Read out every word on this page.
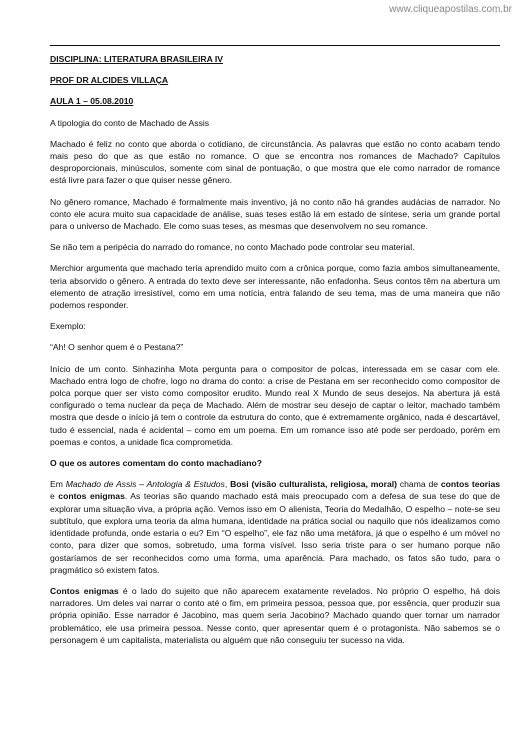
www.cliqueapostilas.com.br
DISCIPLINA: LITERATURA BRASILEIRA IV
PROF DR ALCIDES VILLAÇA
AULA 1 – 05.08.2010

A tipologia do conto de Machado de Assis

Machado é feliz no conto que aborda o cotidiano, de circunstância. As palavras que estão no conto acabam tendo mais peso do que as que estão no romance. O que se encontra nos romances de Machado? Capítulos desproporcionais, minúsculos, somente com sinal de pontuação, o que mostra que ele como narrador de romance está livre para fazer o que quiser nesse gênero.

No gênero romance, Machado é formalmente mais inventivo, já no conto não há grandes audácias de narrador. No conto ele acura muito sua capacidade de análise, suas teses estão lá em estado de síntese, seria um grande portal para o universo de Machado. Ele como suas teses, as mesmas que desenvolvem no seu romance.

Se não tem a peripécia do narrado do romance, no conto Machado pode controlar seu material.

Merchior argumenta que machado teria aprendido muito com a crônica porque, como fazia ambos simultaneamente, teria absorvido o gênero. A entrada do texto deve ser interessante, não enfadonha. Seus contos têm na abertura um elemento de atração irresistível, como em uma notícia, entra falando de seu tema, mas de uma maneira que não podemos responder.

Exemplo:

“Ah! O senhor quem é o Pestana?”

Início de um conto. Sinhazinha Mota pergunta para o compositor de polcas, interessada em se casar com ele. Machado entra logo de chofre, logo no drama do conto: a crise de Pestana em ser reconhecido como compositor de polca porque quer ser visto como compositor erudito. Mundo real X Mundo de seus desejos. Na abertura já está configurado o tema nuclear da peça de Machado. Além de mostrar seu desejo de captar o leitor, machado também mostra que desde o início já tem o controle da estrutura do conto, que é extremamente orgânico, nada é descartável, tudo é essencial, nada é acidental – como em um poema. Em um romance isso até pode ser perdoado, porém em poemas e contos, a unidade fica comprometida.

O que os autores comentam do conto machadiano?

Em Machado de Assis – Antologia & Estudos, Bosi (visão culturalista, religiosa, moral) chama de contos teorias e contos enigmas. As teorias são quando machado está mais preocupado com a defesa de sua tese do que de explorar uma situação viva, a própria ação. Vemos isso em O alienista, Teoria do Medalhão, O espelho – note-se seu subtítulo, que explora uma teoria da alma humana, identidade na prática social ou naquilo que nós idealizamos como identidade profunda, onde estaria o eu? Em “O espelho”, ele faz não uma metáfora, já que o espelho é um móvel no conto, para dizer que somos, sobretudo, uma forma visível. Isso seria triste para o ser humano porque não gostaríamos de ser reconhecidos como uma forma, uma aparência. Para machado, os fatos são tudo, para o pragmático só existem fatos.

Contos enigmas é o lado do sujeito que não aparecem exatamente revelados. No próprio O espelho, há dois narradores. Um deles vai narrar o conto até o fim, em primeira pessoa, pessoa que, por essência, quer produzir sua própria opinião. Esse narrador é Jacobino, mas quem seria Jacobino? Machado quando quer tornar um narrador problemático, ele usa primeira pessoa. Nesse conto, quer apresentar quem é o protagonista. Não sabemos se o personagem é um capitalista, materialista ou alguém que não conseguiu ter sucesso na vida.
